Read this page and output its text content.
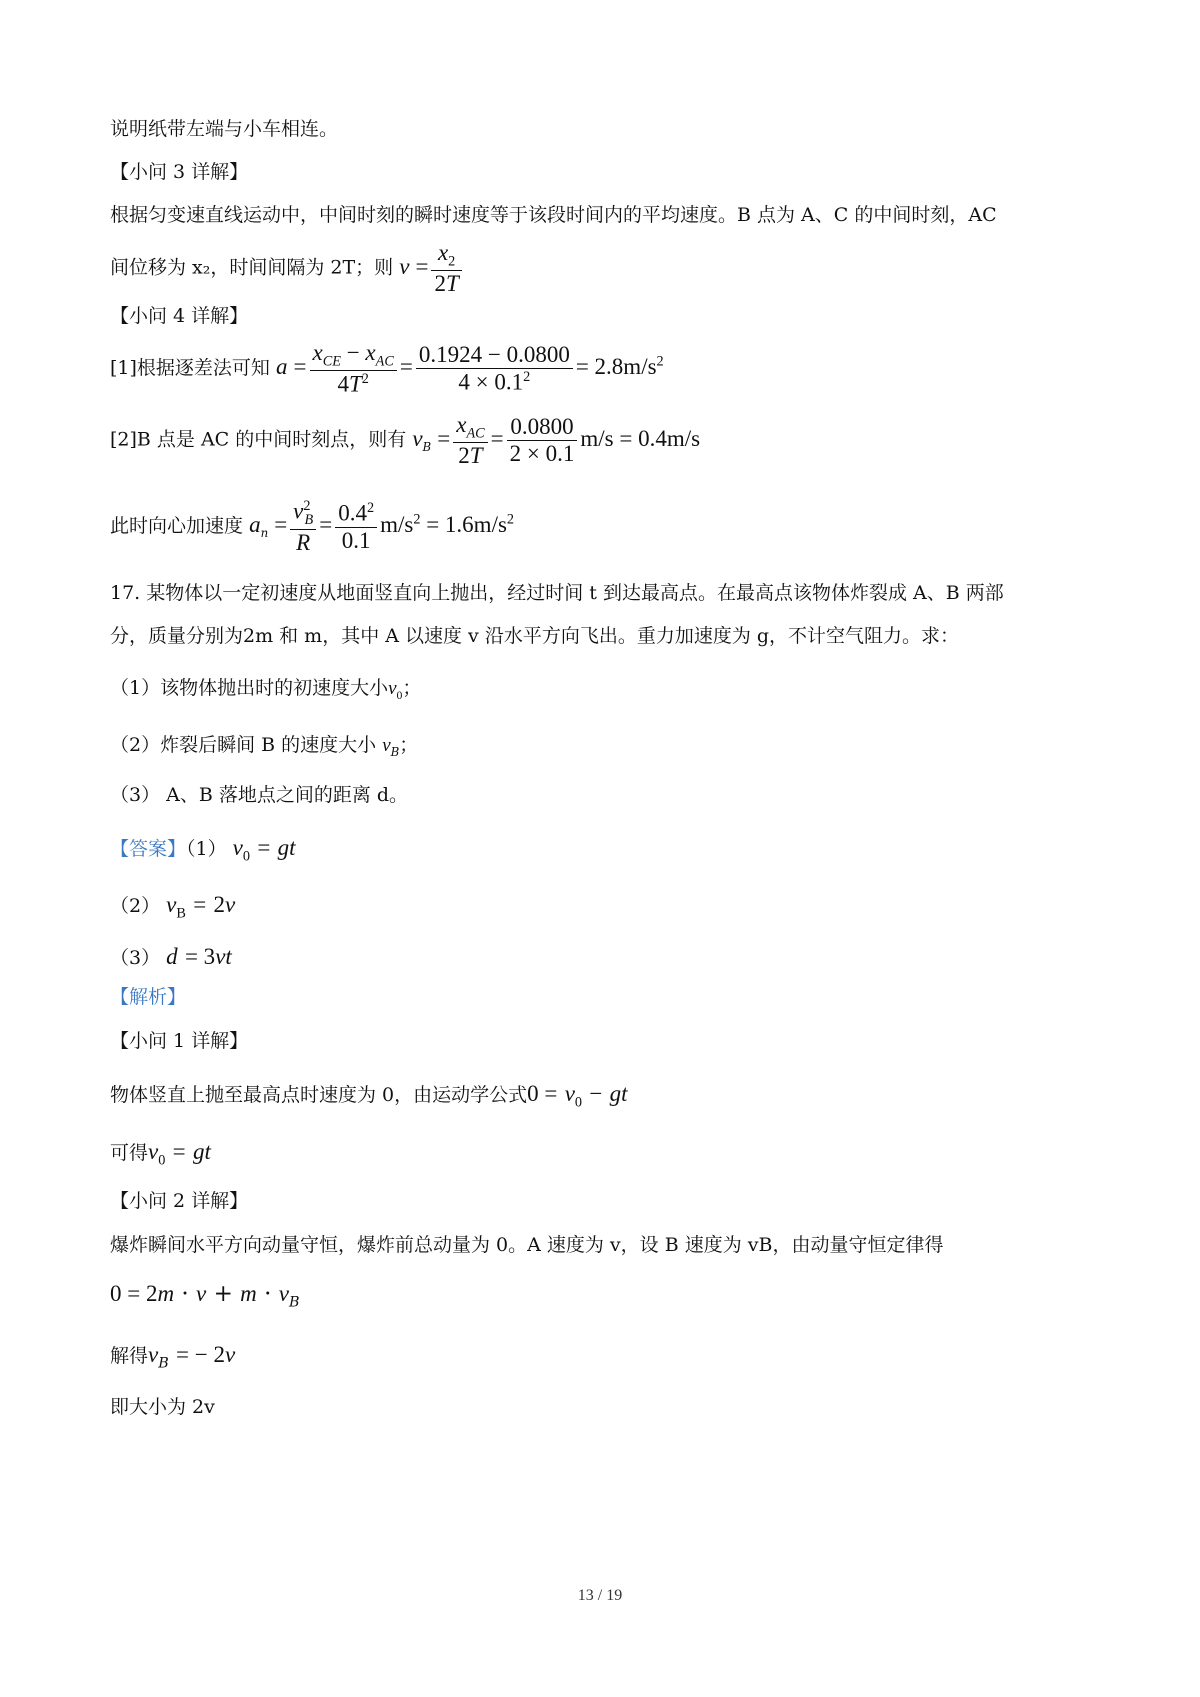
说明纸带左端与小车相连。
【小问 3 详解】
根据匀变速直线运动中，中间时刻的瞬时速度等于该段时间内的平均速度。B 点为 A、C 的中间时刻，AC
间位移为 x₂，时间间隔为 2T；则 $v = \frac{x_2}{2T}$
【小问 4 详解】
[1]根据逐差法可知 $a = \frac{x_{CE} - x_{AC}}{4T^2} = \frac{0.1924 - 0.0800}{4 \times 0.1^2} = 2.8m/s^2$
[2]B 点是 AC 的中间时刻点，则有 $v_B = \frac{x_{AC}}{2T} = \frac{0.0800}{2 \times 0.1} m/s = 0.4m/s$
此时向心加速度 $a_n = \frac{v^2_B}{R} = \frac{0.4^2}{0.1} m/s^2 = 1.6m/s^2$
17. 某物体以一定初速度从地面竖直向上抛出，经过时间 t 到达最高点。在最高点该物体炸裂成 A、B 两部
分，质量分别为2m 和 m，其中 A 以速度 v 沿水平方向飞出。重力加速度为 g，不计空气阻力。求：
（1）该物体抛出时的初速度大小$v_0$；
（2）炸裂后瞬间 B 的速度大小 $v_B$；
（3） A、B 落地点之间的距离 d。
【答案】（1） $v_0$ = gt
（2） $v_B = 2v$
（3） d = 3vt
【解析】
【小问 1 详解】
物体竖直上抛至最高点时速度为 0，由运动学公式$0 = v_0$ − gt
可得$v_0$ = gt
【小问 2 详解】
爆炸瞬间水平方向动量守恒，爆炸前总动量为 0。A 速度为 v，设 B 速度为 vB，由动量守恒定律得
$0 = 2m \cdot v + m \cdot v_B$
解得$v_B$ = − 2v
即大小为 2v
13 / 19
